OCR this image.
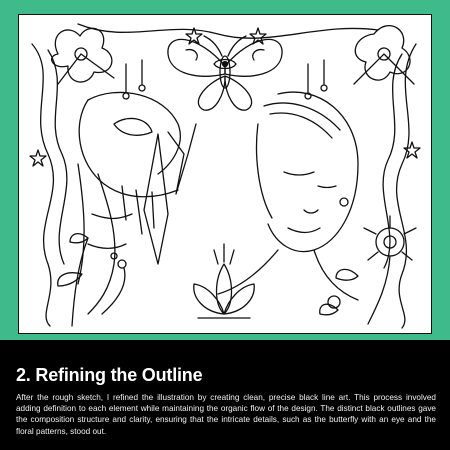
2. Refining the Outline

After the rough sketch, I refined the illustration by creating clean, precise black line art. This process involved adding definition to each element while maintaining the organic flow of the design. The distinct black outlines gave the composition structure and clarity, ensuring that the intricate details, such as the butterfly with an eye and the floral patterns, stood out.
